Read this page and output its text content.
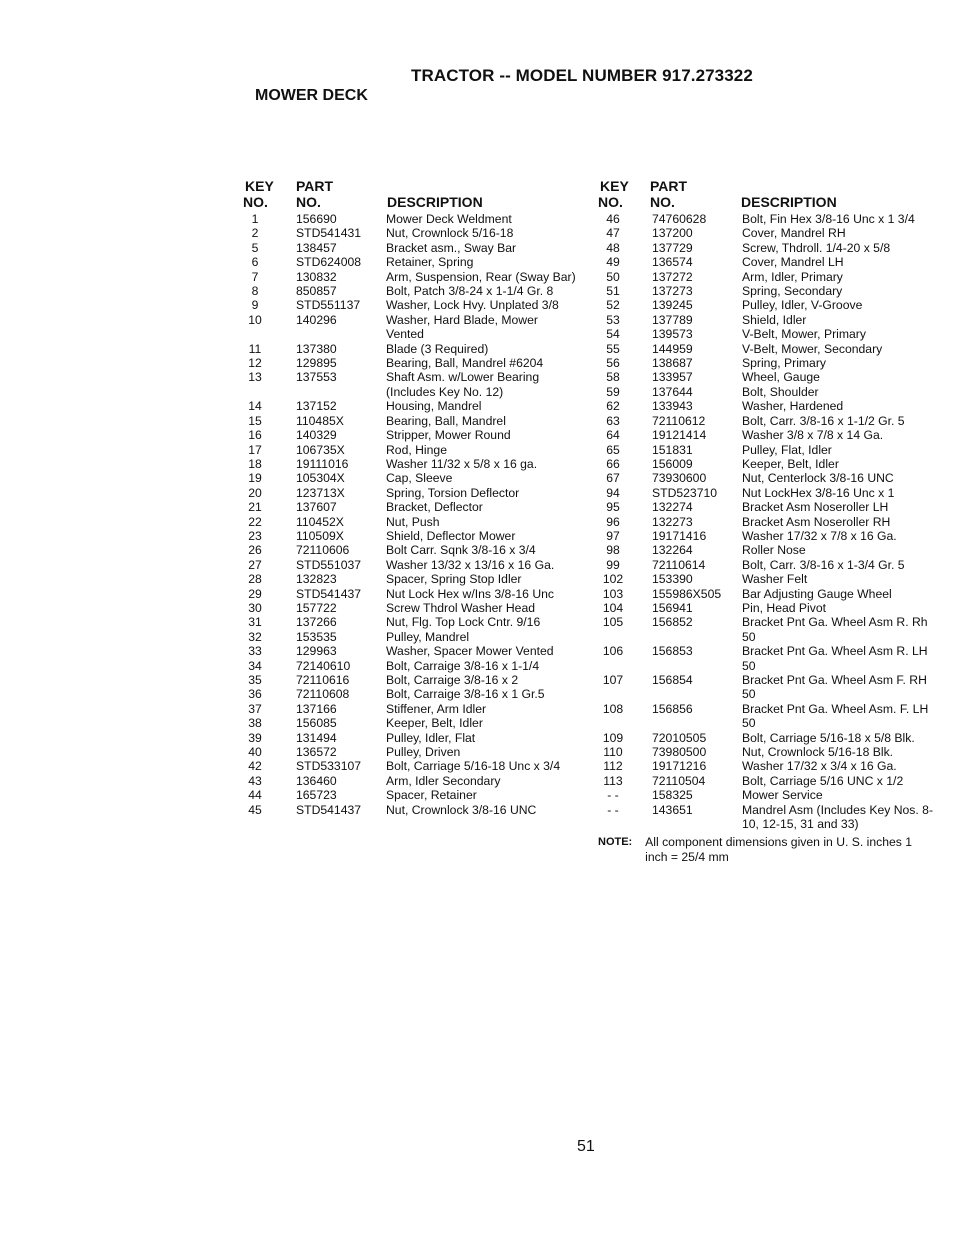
TRACTOR -- MODEL NUMBER 917.273322
MOWER DECK
KEY
NO.
PART
NO.	DESCRIPTION
1	156690	Mower Deck Weldment
2	STD541431	Nut, Crownlock 5/16-18
5	138457	Bracket asm., Sway Bar
6	STD624008	Retainer, Spring
7	130832	Arm, Suspension, Rear (Sway Bar)
8	850857	Bolt, Patch 3/8-24 x 1-1/4 Gr. 8
9	STD551137	Washer, Lock Hvy. Unplated 3/8
10	140296	Washer, Hard Blade, Mower Vented
11	137380	Blade (3 Required)
12	129895	Bearing, Ball, Mandrel #6204
13	137553	Shaft Asm. w/Lower Bearing (Includes Key No. 12)
14	137152	Housing, Mandrel
15	110485X	Bearing, Ball, Mandrel
16	140329	Stripper, Mower Round
17	106735X	Rod, Hinge
18	19111016	Washer 11/32 x 5/8 x 16 ga.
19	105304X	Cap, Sleeve
20	123713X	Spring, Torsion Deflector
21	137607	Bracket, Deflector
22	110452X	Nut, Push
23	110509X	Shield, Deflector Mower
26	72110606	Bolt Carr. Sqnk 3/8-16 x 3/4
27	STD551037	Washer 13/32 x 13/16 x 16 Ga.
28	132823	Spacer, Spring Stop Idler
29	STD541437	Nut Lock Hex w/Ins 3/8-16 Unc
30	157722	Screw Thdrol Washer Head
31	137266	Nut, Flg. Top Lock Cntr. 9/16
32	153535	Pulley, Mandrel
33	129963	Washer, Spacer Mower Vented
34	72140610	Bolt, Carraige 3/8-16 x 1-1/4
35	72110616	Bolt, Carraige 3/8-16 x 2
36	72110608	Bolt, Carraige 3/8-16 x 1 Gr.5
37	137166	Stiffener, Arm Idler
38	156085	Keeper, Belt, Idler
39	131494	Pulley, Idler, Flat
40	136572	Pulley, Driven
42	STD533107	Bolt, Carriage 5/16-18 Unc x 3/4
43	136460	Arm, Idler Secondary
44	165723	Spacer, Retainer
45	STD541437	Nut, Crownlock 3/8-16 UNC
KEY
NO.
PART
NO.	DESCRIPTION
46	74760628	Bolt, Fin Hex 3/8-16 Unc x 1 3/4
47	137200	Cover, Mandrel RH
48	137729	Screw, Thdroll. 1/4-20 x 5/8
49	136574	Cover, Mandrel LH
50	137272	Arm, Idler, Primary
51	137273	Spring, Secondary
52	139245	Pulley, Idler, V-Groove
53	137789	Shield, Idler
54	139573	V-Belt, Mower, Primary
55	144959	V-Belt, Mower, Secondary
56	138687	Spring, Primary
58	133957	Wheel, Gauge
59	137644	Bolt, Shoulder
62	133943	Washer, Hardened
63	72110612	Bolt, Carr. 3/8-16 x 1-1/2 Gr. 5
64	19121414	Washer 3/8 x 7/8 x 14 Ga.
65	151831	Pulley, Flat, Idler
66	156009	Keeper, Belt, Idler
67	73930600	Nut, Centerlock 3/8-16 UNC
94	STD523710	Nut LockHex 3/8-16 Unc x 1
95	132274	Bracket Asm Noseroller LH
96	132273	Bracket Asm Noseroller RH
97	19171416	Washer 17/32 x 7/8 x 16 Ga.
98	132264	Roller Nose
99	72110614	Bolt, Carr. 3/8-16 x 1-3/4 Gr. 5
102	153390	Washer Felt
103	155986X505	Bar Adjusting Gauge Wheel
104	156941	Pin, Head Pivot
105	156852	Bracket Pnt Ga. Wheel Asm R. Rh 50
106	156853	Bracket Pnt Ga. Wheel Asm R. LH 50
107	156854	Bracket Pnt Ga. Wheel Asm F. RH 50
108	156856	Bracket Pnt Ga. Wheel Asm. F. LH 50
109	72010505	Bolt, Carriage 5/16-18 x 5/8 Blk.
110	73980500	Nut, Crownlock 5/16-18 Blk.
112	19171216	Washer 17/32 x 3/4 x 16 Ga.
113	72110504	Bolt, Carriage 5/16 UNC x 1/2
- -	158325	Mower Service
- -	143651	Mandrel Asm (Includes Key Nos. 8-10, 12-15, 31 and 33)
NOTE:	All component dimensions given in U. S. inches 1 inch = 25/4 mm
51
